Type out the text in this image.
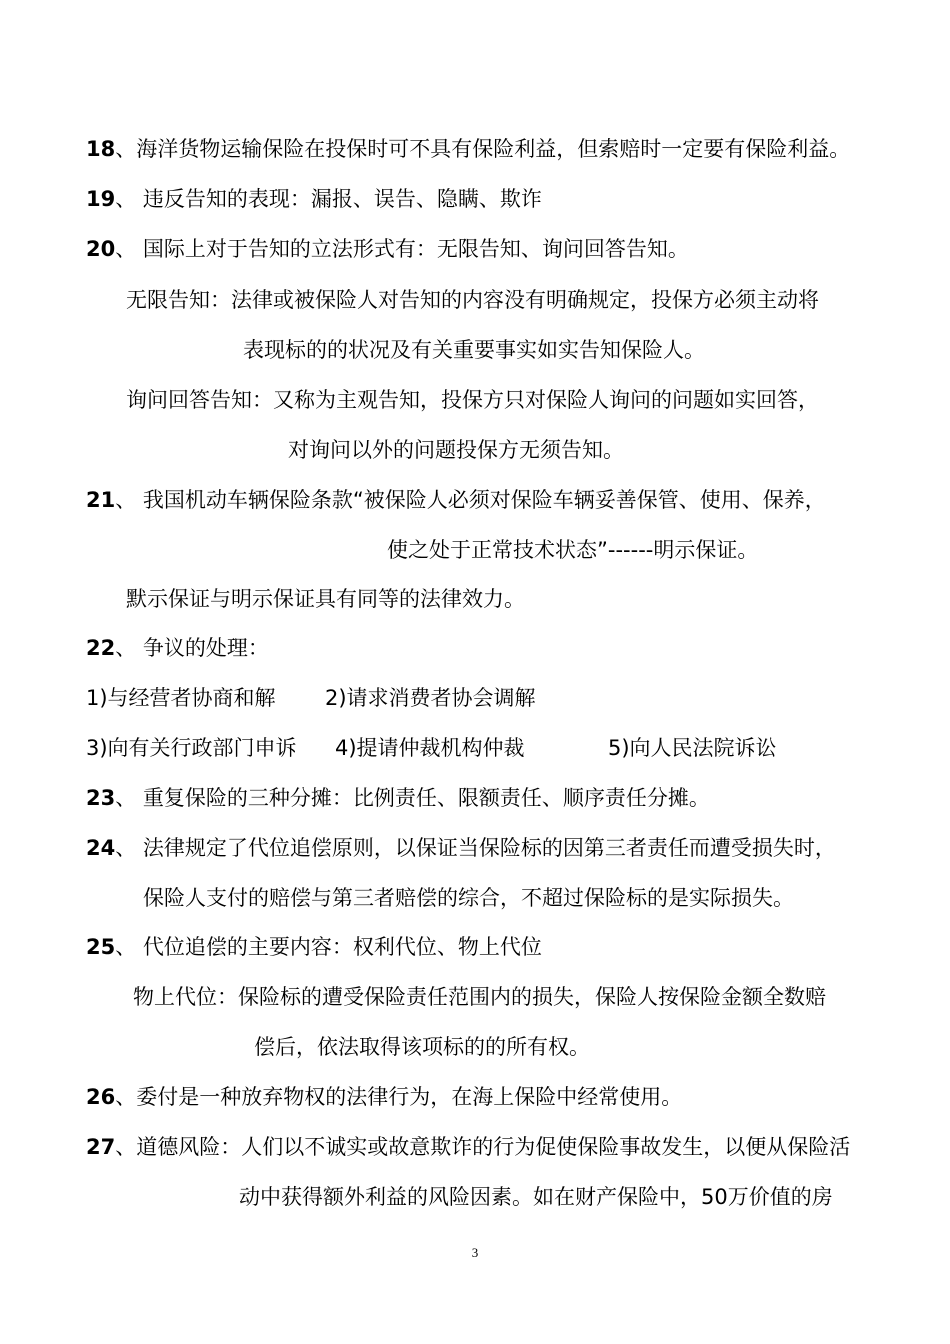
18、海洋货物运输保险在投保时可不具有保险利益，但索赔时一定要有保险利益。
19、 违反告知的表现：漏报、误告、隐瞒、欺诈
20、 国际上对于告知的立法形式有：无限告知、询问回答告知。
无限告知：法律或被保险人对告知的内容没有明确规定，投保方必须主动将
表现标的的状况及有关重要事实如实告知保险人。
询问回答告知：又称为主观告知，投保方只对保险人询问的问题如实回答，
对询问以外的问题投保方无须告知。
21、 我国机动车辆保险条款“被保险人必须对保险车辆妥善保管、使用、保养，
使之处于正常技术状态”------明示保证。
默示保证与明示保证具有同等的法律效力。
22、 争议的处理：
1)与经营者协商和解 2)请求消费者协会调解
3)向有关行政部门申诉 4)提请仲裁机构仲裁	5)向人民法院诉讼
23、 重复保险的三种分摊：比例责任、限额责任、顺序责任分摊。
24、 法律规定了代位追偿原则，以保证当保险标的因第三者责任而遭受损失时，
保险人支付的赔偿与第三者赔偿的综合，不超过保险标的是实际损失。
25、 代位追偿的主要内容：权利代位、物上代位
物上代位：保险标的遭受保险责任范围内的损失，保险人按保险金额全数赔
偿后，依法取得该项标的的所有权。
26、委付是一种放弃物权的法律行为，在海上保险中经常使用。
27、道德风险：人们以不诚实或故意欺诈的行为促使保险事故发生，以便从保险活
动中获得额外利益的风险因素。如在财产保险中，50万价值的房
3
